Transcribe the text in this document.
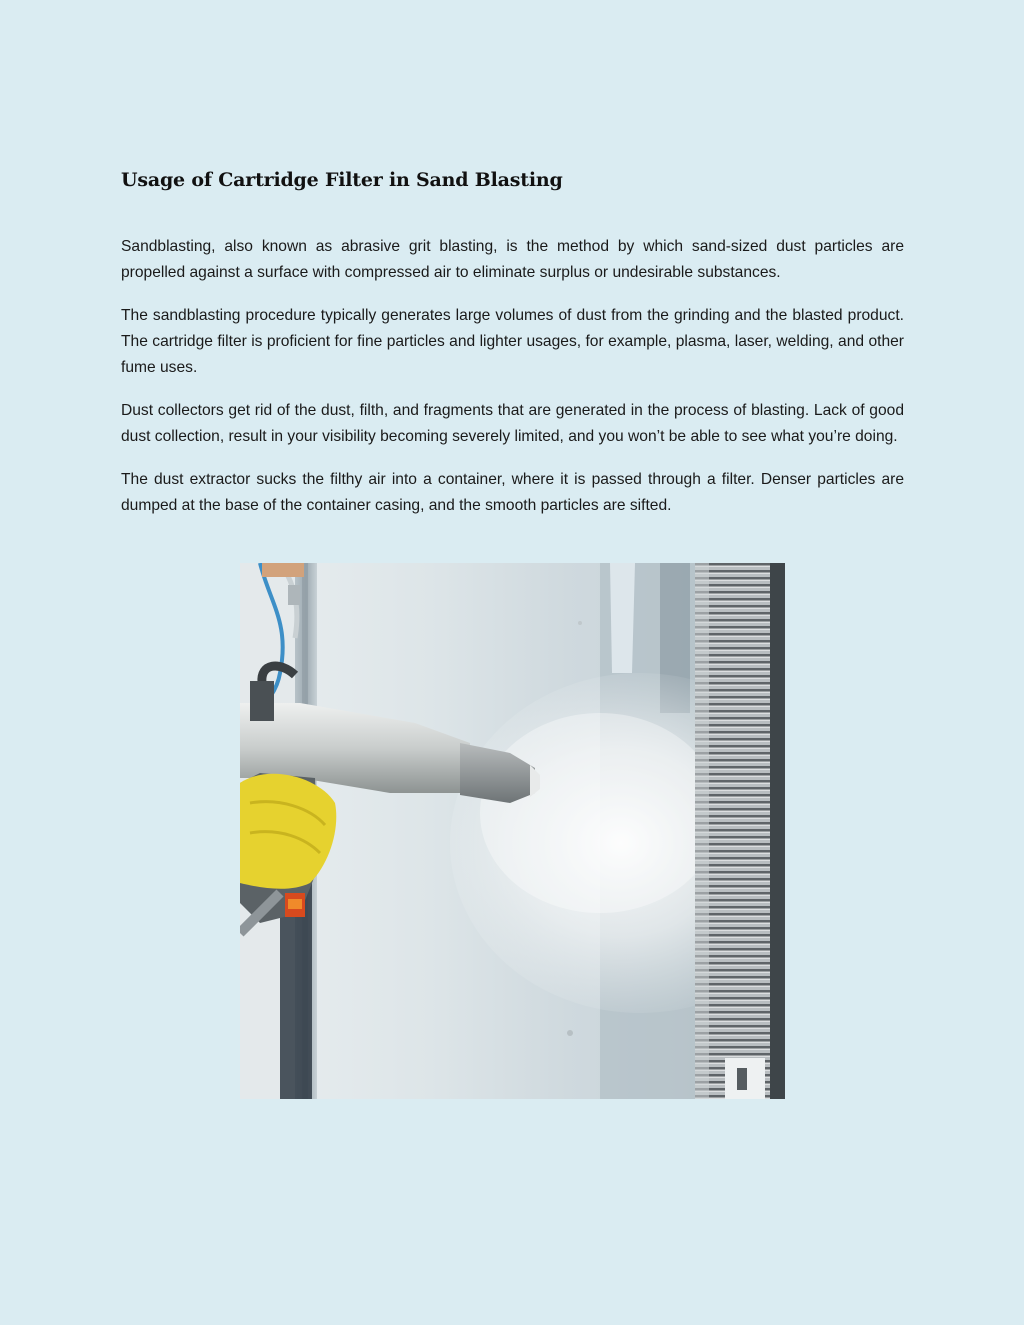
Usage of Cartridge Filter in Sand Blasting

Sandblasting, also known as abrasive grit blasting, is the method by which sand-sized dust particles are propelled against a surface with compressed air to eliminate surplus or undesirable substances.

The sandblasting procedure typically generates large volumes of dust from the grinding and the blasted product. The cartridge filter is proficient for fine particles and lighter usages, for example, plasma, laser, welding, and other fume uses.

Dust collectors get rid of the dust, filth, and fragments that are generated in the process of blasting. Lack of good dust collection, result in your visibility becoming severely limited, and you won’t be able to see what you’re doing.

The dust extractor sucks the filthy air into a container, where it is passed through a filter. Denser particles are dumped at the base of the container casing, and the smooth particles are sifted.
